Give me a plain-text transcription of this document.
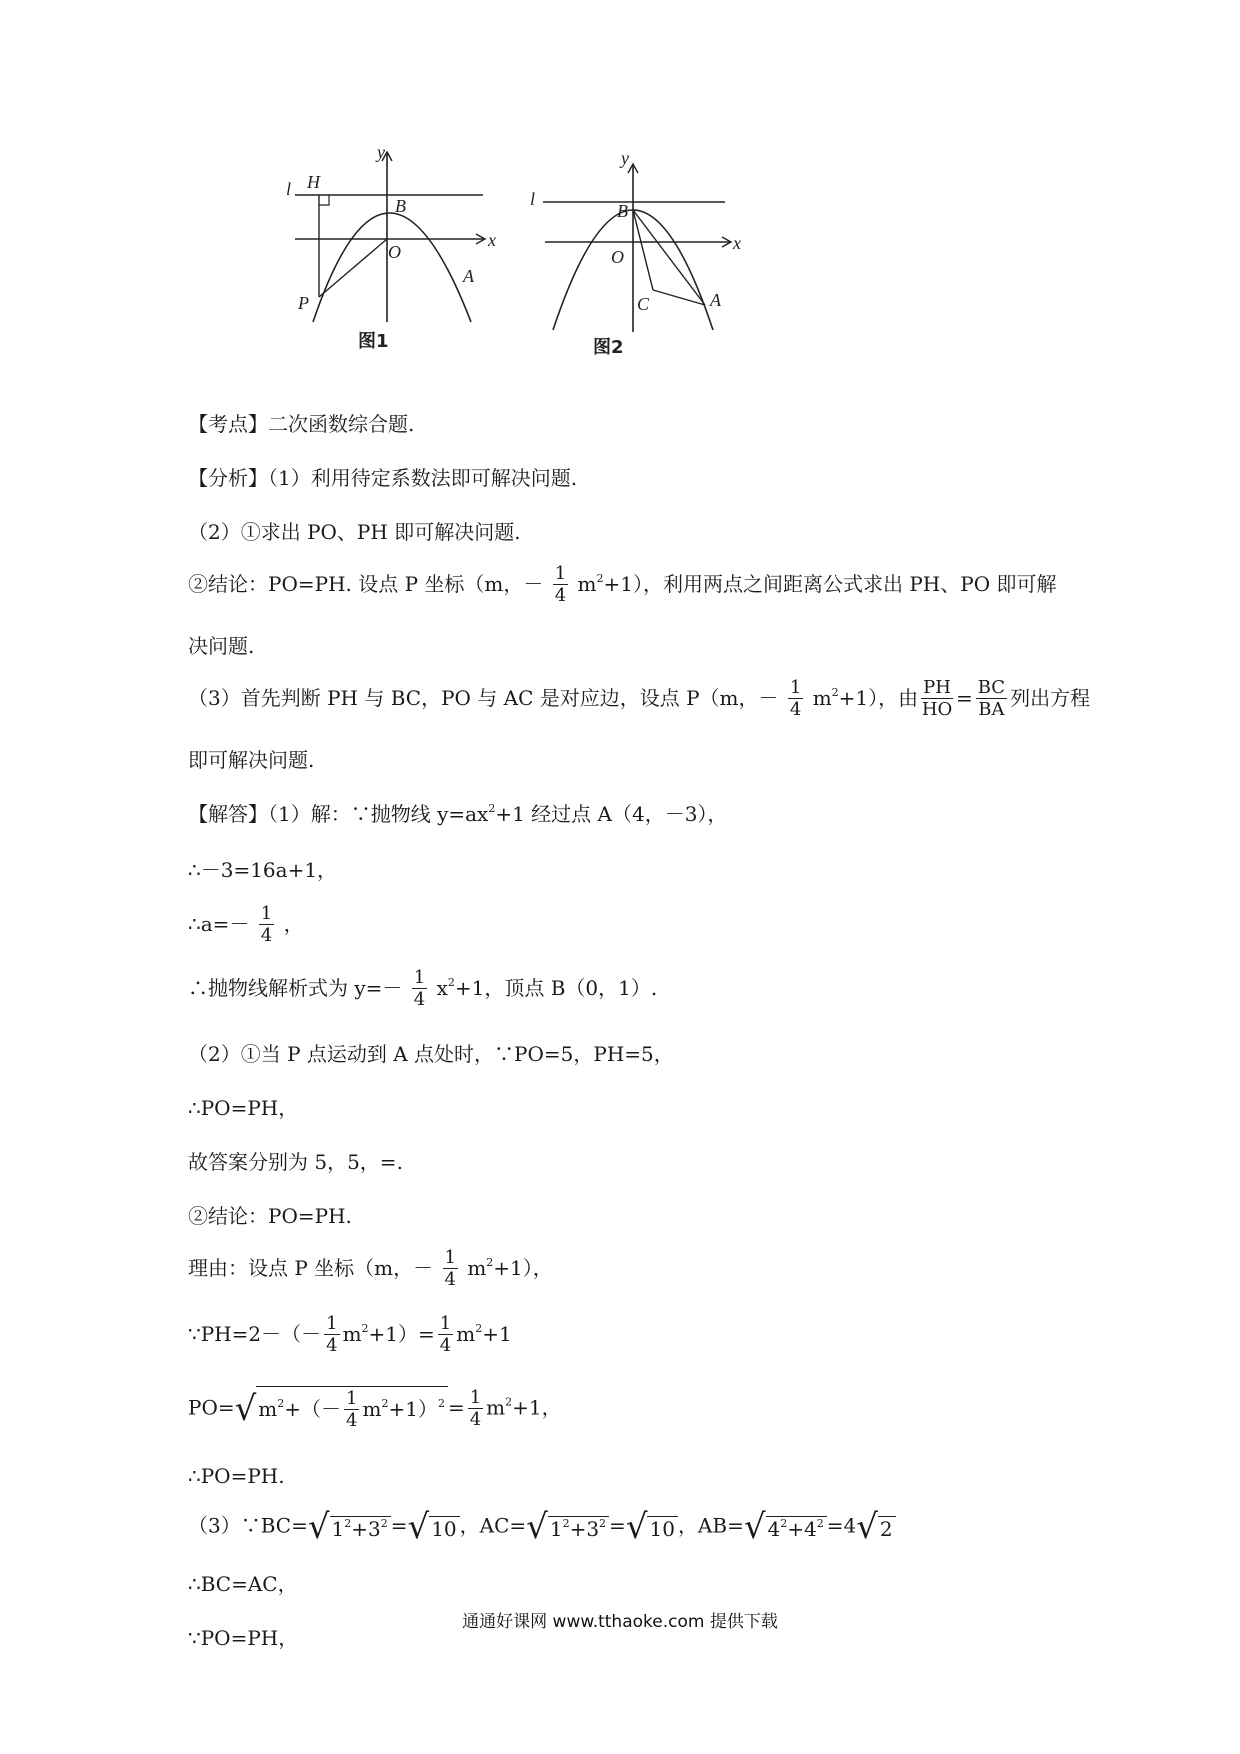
l H
y
B
O
x
A
P
图1
l
y
B
O
x
C	A
图2
【考点】二次函数综合题.
【分析】（1）利用待定系数法即可解决问题.
（2）①求出 PO、PH 即可解决问题.
②结论：PO=PH. 设点 P 坐标（m，－ $\frac{1}{4} m^2+1$），利用两点之间距离公式求出 PH、PO 即可解
决问题.
（3）首先判断 PH 与 BC，PO 与 AC 是对应边，设点 P（m，－ $\frac{1}{4} m^2+1$），由 $\frac{PH}{HO} = \frac{BC}{BA}$ 列出方程
即可解决问题.
【解答】（1）解：∵抛物线 $y=ax^2+1$ 经过点 A（4，－3），
∴－3=16a+1，
∴a=－ $\frac{1}{4}$ ，
∴抛物线解析式为 $y=- \frac{1}{4} x^2+1$，顶点 B（0，1）.
（2）①当 P 点运动到 A 点处时，∵PO=5，PH=5，
∴PO=PH，
故答案分别为 5，5，=.
②结论：PO=PH.
理由：设点 P 坐标（m，－ $\frac{1}{4} m^2+1$），
∵PH=2－（－ $\frac{1}{4} m^2+1)= \frac{1}{4} m^2+1$
PO=√ $m^2+(- \frac{1}{4} m^2+1)^2 = \frac{1}{4} m^2+1$，
∴PO=PH.
（3）∵BC=√ $1^2+3^2$ =√ 10 ，AC=√ $1^2+3^2$ =√ 10 ，AB=√ $4^2+4^2 =4√$ 2
∴BC=AC，
∵PO=PH，
通通好课网 www.tthaoke.com 提供下载
